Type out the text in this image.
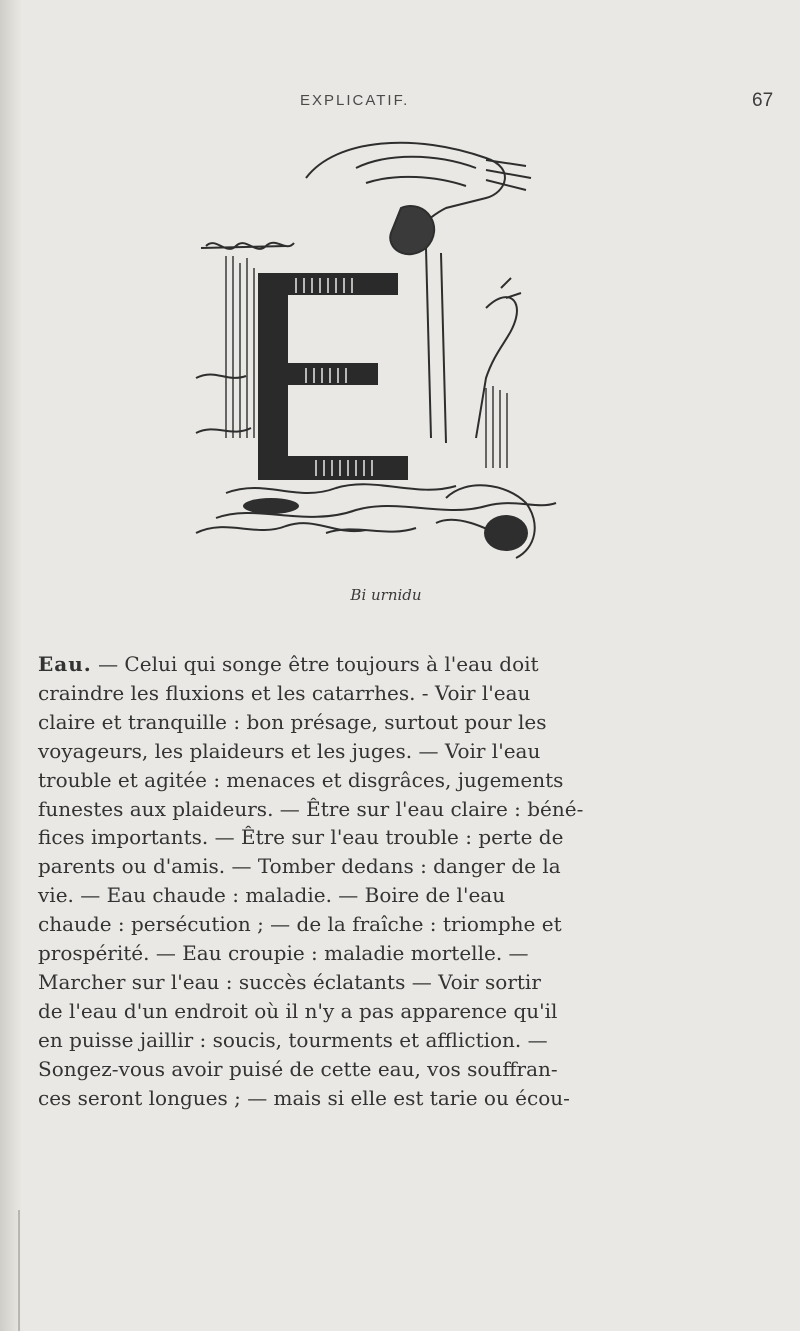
EXPLICATIF.	67
Bi urnidu

Eau. — Celui qui songe être toujours à l'eau doit
craindre les fluxions et les catarrhes. - Voir l'eau
claire et tranquille : bon présage, surtout pour les
voyageurs, les plaideurs et les juges. — Voir l'eau
trouble et agitée : menaces et disgrâces, jugements
funestes aux plaideurs. — Être sur l'eau claire : béné-
fices importants. — Être sur l'eau trouble : perte de
parents ou d'amis. — Tomber dedans : danger de la
vie. — Eau chaude : maladie. — Boire de l'eau
chaude : persécution ; — de la fraîche : triomphe et
prospérité. — Eau croupie : maladie mortelle. —
Marcher sur l'eau : succès éclatants — Voir sortir
de l'eau d'un endroit où il n'y a pas apparence qu'il
en puisse jaillir : soucis, tourments et affliction. —
Songez-vous avoir puisé de cette eau, vos souffran-
ces seront longues ; — mais si elle est tarie ou écou-
